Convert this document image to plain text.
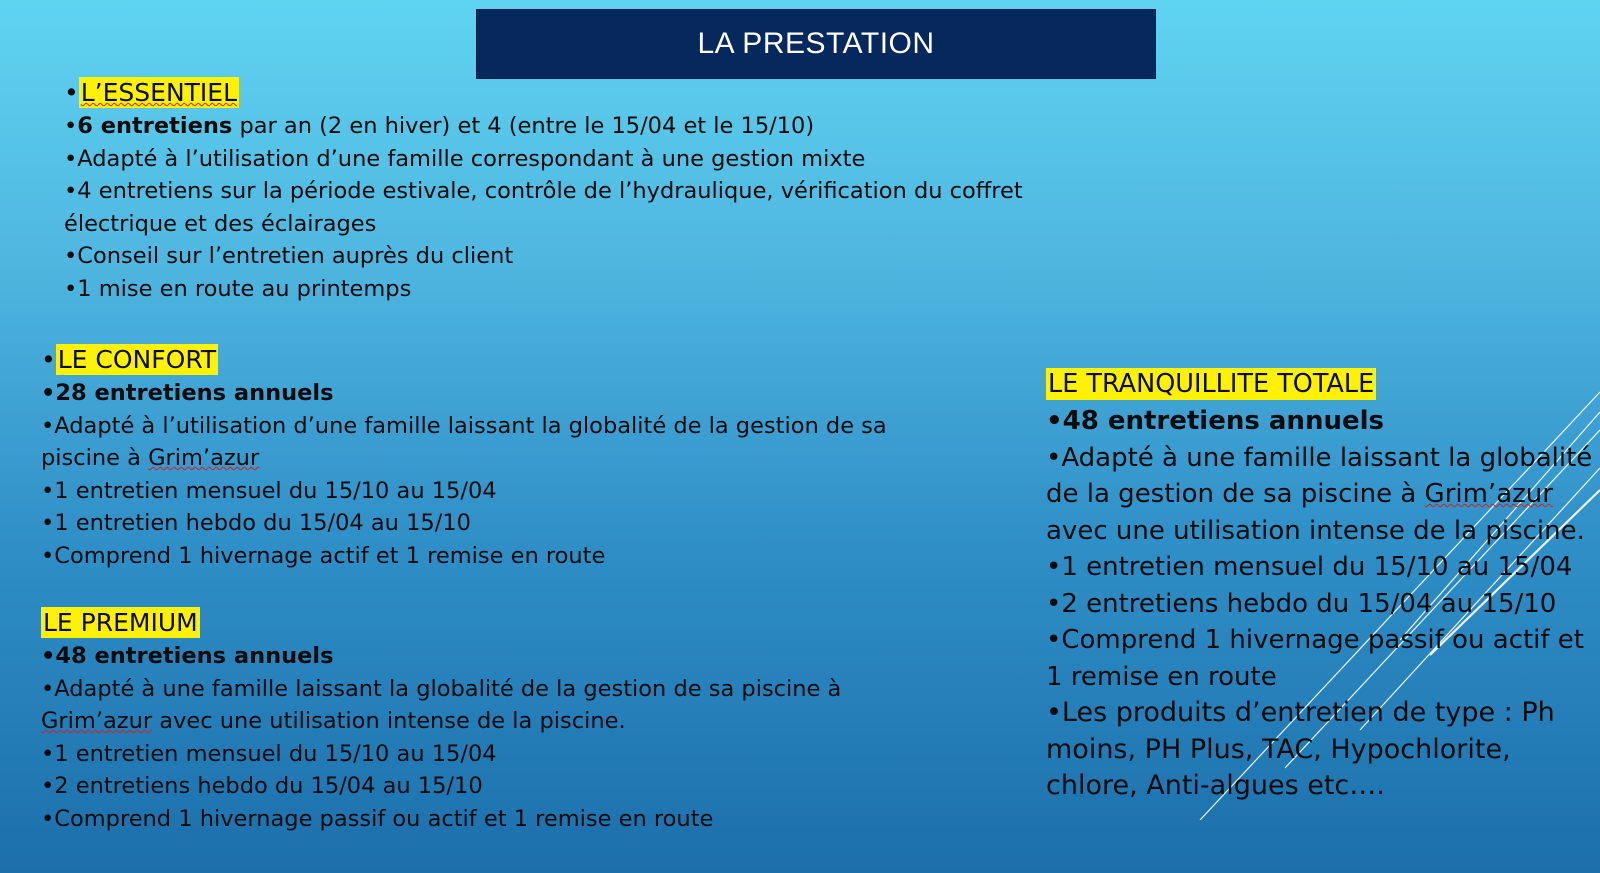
LA PRESTATION

•L’ESSENTIEL

•6 entretiens par an (2 en hiver) et 4 (entre le 15/04 et le 15/10)

•Adapté à l’utilisation d’une famille correspondant à une gestion mixte

•4 entretiens sur la période estivale, contrôle de l’hydraulique, vérification du coffret

électrique et des éclairages

•Conseil sur l’entretien auprès du client

•1 mise en route au printemps

•LE CONFORT

•28 entretiens annuels

•Adapté à l’utilisation d’une famille laissant la globalité de la gestion de sa

piscine à Grim’azur

•1 entretien mensuel du 15/10 au 15/04

•1 entretien hebdo du 15/04 au 15/10

•Comprend 1 hivernage actif et 1 remise en route

LE PREMIUM

•48 entretiens annuels

•Adapté à une famille laissant la globalité de la gestion de sa piscine à

Grim’azur avec une utilisation intense de la piscine.

•1 entretien mensuel du 15/10 au 15/04

•2 entretiens hebdo du 15/04 au 15/10

•Comprend 1 hivernage passif ou actif et 1 remise en route

LE TRANQUILLITE TOTALE

•48 entretiens annuels

•Adapté à une famille laissant la globalité

de la gestion de sa piscine à Grim’azur

avec une utilisation intense de la piscine.

•1 entretien mensuel du 15/10 au 15/04

•2 entretiens hebdo du 15/04 au 15/10

•Comprend 1 hivernage passif ou actif et

1 remise en route

•Les produits d’entretien de type : Ph

moins, PH Plus, TAC, Hypochlorite,

chlore, Anti-algues etc….
